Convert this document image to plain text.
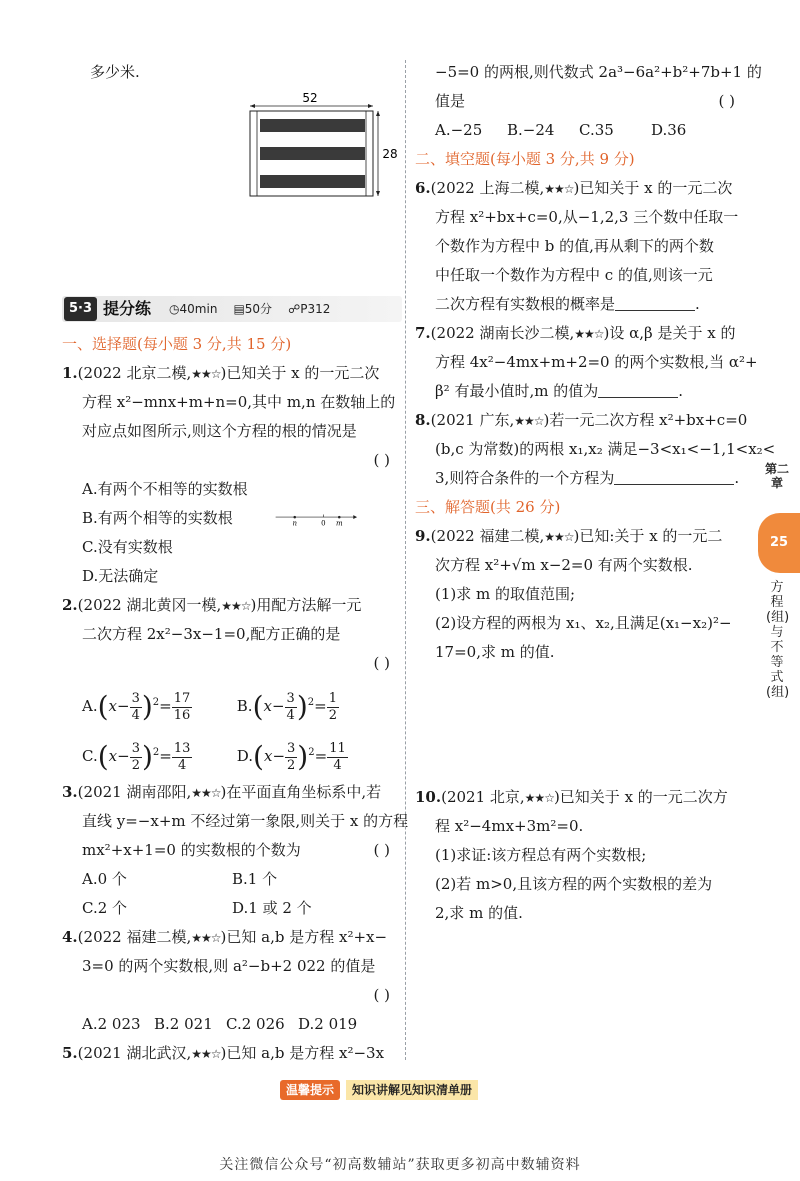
多少米.
52
28
5·3 提分练 ◷40min ▤50分 ☍P312
一、选择题(每小题 3 分,共 15 分)
1.(2022 北京二模,★★☆)已知关于 x 的一元二次
方程 x²−mnx+m+n=0,其中 m,n 在数轴上的
对应点如图所示,则这个方程的根的情况是
( )
A.有两个不相等的实数根
B.有两个相等的实数根	n 0 m
C.没有实数根
D.无法确定
2.(2022 湖北黄冈一模,★★☆)用配方法解一元
二次方程 2x²−3x−1=0,配方正确的是
( )
$A.(x- \frac{3}{4} )^2= \frac{17}{16}$	$B.(x- \frac{3}{4} )^2= \frac{1}{2}$
$C.(x- \frac{3}{2} )^2= \frac{13}{4}$	$D.(x- \frac{3}{2} )^2= \frac{11}{4}$
3.(2021 湖南邵阳,★★☆)在平面直角坐标系中,若
直线 y=−x+m 不经过第一象限,则关于 x 的方程
mx²+x+1=0 的实数根的个数为	( )
A.0 个	B.1 个
C.2 个	D.1 或 2 个
4.(2022 福建二模,★★☆)已知 a,b 是方程 x²+x−
3=0 的两个实数根,则 a²−b+2 022 的值是
( )
A.2 023 B.2 021 C.2 026 D.2 019
5.(2021 湖北武汉,★★☆)已知 a,b 是方程 x²−3x
−5=0 的两根,则代数式 2a³−6a²+b²+7b+1 的
值是	( )
A.−25 B.−24 C.35 D.36
二、填空题(每小题 3 分,共 9 分)
6.(2022 上海二模,★★☆)已知关于 x 的一元二次
方程 x²+bx+c=0,从−1,2,3 三个数中任取一
个数作为方程中 b 的值,再从剩下的两个数
中任取一个数作为方程中 c 的值,则该一元
二次方程有实数根的概率是	.
7.(2022 湖南长沙二模,★★☆)设 α,β 是关于 x 的
方程 4x²−4mx+m+2=0 的两个实数根,当 α²+
β² 有最小值时,m 的值为	.
8.(2021 广东,★★☆)若一元二次方程 x²+bx+c=0
(b,c 为常数)的两根 x₁,x₂ 满足−3<x₁<−1,1<x₂<
3,则符合条件的一个方程为	.
三、解答题(共 26 分)
9.(2022 福建二模,★★☆)已知:关于 x 的一元二
次方程 x²+√m x−2=0 有两个实数根.
(1)求 m 的取值范围;
(2)设方程的两根为 x₁、x₂,且满足(x₁−x₂)²−
17=0,求 m 的值.
10.(2021 北京,★★☆)已知关于 x 的一元二次方
程 x²−4mx+3m²=0.
(1)求证:该方程总有两个实数根;
(2)若 m>0,且该方程的两个实数根的差为
2,求 m 的值.
第二章
25
方程(组)与不等式(组)
温馨提示	知识讲解见知识清单册
关注微信公众号“初高数辅站”获取更多初高中数辅资料
